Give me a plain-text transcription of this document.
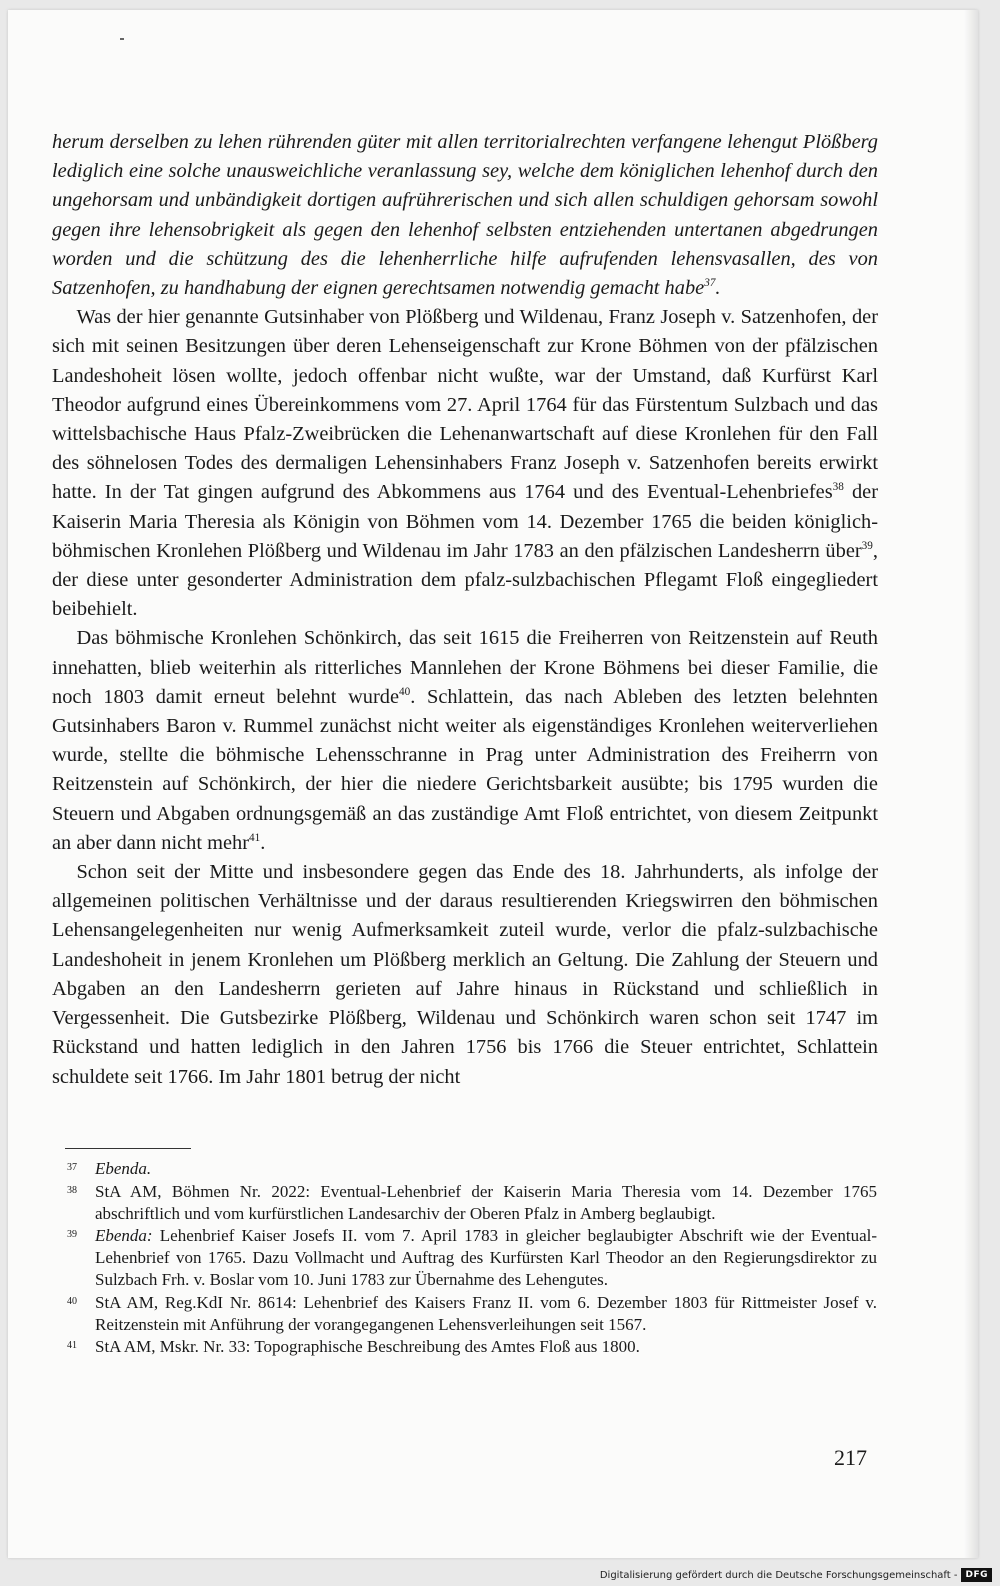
herum derselben zu lehen rührenden güter mit allen territorialrechten verfangene lehengut Plößberg lediglich eine solche unausweichliche veranlassung sey, welche dem königlichen lehenhof durch den ungehorsam und unbändigkeit dortigen aufrührerischen und sich allen schuldigen gehorsam sowohl gegen ihre lehensobrigkeit als gegen den lehenhof selbsten entziehenden untertanen abgedrungen worden und die schützung des die lehenherrliche hilfe aufrufenden lehensvasallen, des von Satzenhofen, zu handhabung der eignen gerechtsamen notwendig gemacht habe$^{37}$.

Was der hier genannte Gutsinhaber von Plößberg und Wildenau, Franz Joseph v. Satzenhofen, der sich mit seinen Besitzungen über deren Lehenseigenschaft zur Krone Böhmen von der pfälzischen Landeshoheit lösen wollte, jedoch offenbar nicht wußte, war der Umstand, daß Kurfürst Karl Theodor aufgrund eines Übereinkommens vom 27. April 1764 für das Fürstentum Sulzbach und das wittelsbachische Haus Pfalz-Zweibrücken die Lehenanwartschaft auf diese Kronlehen für den Fall des söhnelosen Todes des dermaligen Lehensinhabers Franz Joseph v. Satzenhofen bereits erwirkt hatte. In der Tat gingen aufgrund des Abkommens aus 1764 und des Eventual-Lehenbriefes$^{38}$ der Kaiserin Maria Theresia als Königin von Böhmen vom 14. Dezember 1765 die beiden königlich-böhmischen Kronlehen Plößberg und Wildenau im Jahr 1783 an den pfälzischen Landesherrn über$^{39}$, der diese unter gesonderter Administration dem pfalz-sulzbachischen Pflegamt Floß eingegliedert beibehielt.

Das böhmische Kronlehen Schönkirch, das seit 1615 die Freiherren von Reitzenstein auf Reuth innehatten, blieb weiterhin als ritterliches Mannlehen der Krone Böhmens bei dieser Familie, die noch 1803 damit erneut belehnt wurde$^{40}$. Schlattein, das nach Ableben des letzten belehnten Gutsinhabers Baron v. Rummel zunächst nicht weiter als eigenständiges Kronlehen weiterverliehen wurde, stellte die böhmische Lehensschranne in Prag unter Administration des Freiherrn von Reitzenstein auf Schönkirch, der hier die niedere Gerichtsbarkeit ausübte; bis 1795 wurden die Steuern und Abgaben ordnungsgemäß an das zuständige Amt Floß entrichtet, von diesem Zeitpunkt an aber dann nicht mehr$^{41}$.

Schon seit der Mitte und insbesondere gegen das Ende des 18. Jahrhunderts, als infolge der allgemeinen politischen Verhältnisse und der daraus resultierenden Kriegswirren den böhmischen Lehensangelegenheiten nur wenig Aufmerksamkeit zuteil wurde, verlor die pfalz-sulzbachische Landeshoheit in jenem Kronlehen um Plößberg merklich an Geltung. Die Zahlung der Steuern und Abgaben an den Landesherrn gerieten auf Jahre hinaus in Rückstand und schließlich in Vergessenheit. Die Gutsbezirke Plößberg, Wildenau und Schönkirch waren schon seit 1747 im Rückstand und hatten lediglich in den Jahren 1756 bis 1766 die Steuer entrichtet, Schlattein schuldete seit 1766. Im Jahr 1801 betrug der nicht

37 Ebenda.
38 StA AM, Böhmen Nr. 2022: Eventual-Lehenbrief der Kaiserin Maria Theresia vom 14. Dezember 1765 abschriftlich und vom kurfürstlichen Landesarchiv der Oberen Pfalz in Amberg beglaubigt.
39 Ebenda: Lehenbrief Kaiser Josefs II. vom 7. April 1783 in gleicher beglaubigter Abschrift wie der Eventual-Lehenbrief von 1765. Dazu Vollmacht und Auftrag des Kurfürsten Karl Theodor an den Regierungsdirektor zu Sulzbach Frh. v. Boslar vom 10. Juni 1783 zur Übernahme des Lehengutes.
40 StA AM, Reg.KdI Nr. 8614: Lehenbrief des Kaisers Franz II. vom 6. Dezember 1803 für Rittmeister Josef v. Reitzenstein mit Anführung der vorangegangenen Lehensverleihungen seit 1567.
41 StA AM, Mskr. Nr. 33: Topographische Beschreibung des Amtes Floß aus 1800.
217
Digitalisierung gefördert durch die Deutsche Forschungsgemeinschaft - DFG
